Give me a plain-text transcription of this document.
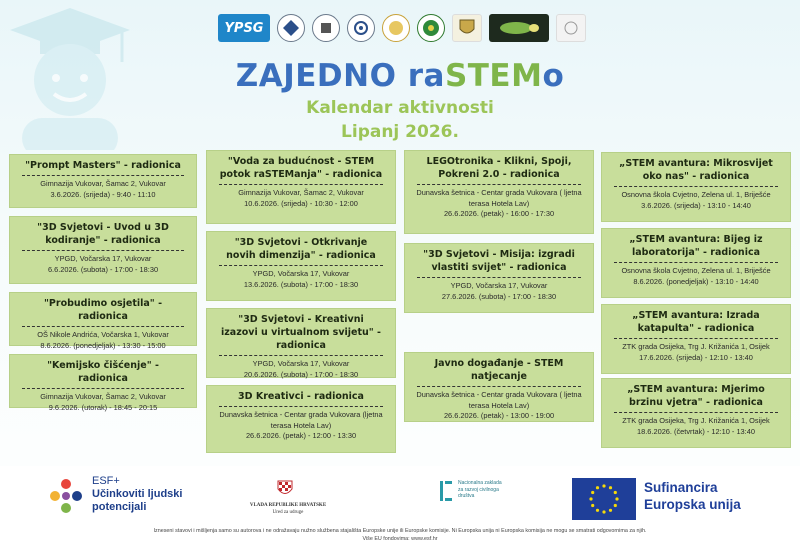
YPSG
ZAJEDNO raSTEMo
Kalendar aktivnosti
Lipanj 2026.
"Prompt Masters" - radionica
Gimnazija Vukovar, Šamac 2, Vukovar
3.6.2026. (srijeda) - 9:40 - 11:10
"3D Svjetovi - Uvod u 3D kodiranje" - radionica
YPGD, Vočarska 17, Vukovar
6.6.2026. (subota) - 17:00 - 18:30
"Probudimo osjetila" - radionica
OŠ Nikole Andrića, Vočarska 1, Vukovar
8.6.2026. (ponedjeljak) - 13:30 - 15:00
"Kemijsko čišćenje" - radionica
Gimnazija Vukovar, Šamac 2, Vukovar
9.6.2026. (utorak) - 18:45 - 20:15
"Voda za budućnost - STEM potok raSTEManja" - radionica
Gimnazija Vukovar, Šamac 2, Vukovar
10.6.2026. (srijeda) - 10:30 - 12:00
"3D Svjetovi - Otkrivanje novih dimenzija" - radionica
YPGD, Vočarska 17, Vukovar
13.6.2026. (subota) - 17:00 - 18:30
"3D Svjetovi - Kreativni izazovi u virtualnom svijetu" - radionica
YPGD, Vočarska 17, Vukovar
20.6.2026. (subota) - 17:00 - 18:30
3D Kreativci - radionica
Dunavska šetnica - Centar grada Vukovara (ljetna terasa Hotela Lav)
26.6.2026. (petak) - 12:00 - 13:30
LEGOtronika - Klikni, Spoji, Pokreni 2.0 - radionica
Dunavska šetnica - Centar grada Vukovara ( ljetna terasa Hotela Lav)
26.6.2026. (petak) - 16:00 - 17:30
"3D Svjetovi - Misija: izgradi vlastiti svijet" - radionica
YPGD, Vočarska 17, Vukovar
27.6.2026. (subota) - 17:00 - 18:30
Javno događanje - STEM natjecanje
Dunavska šetnica - Centar grada Vukovara ( ljetna terasa Hotela Lav)
26.6.2026. (petak) - 13:00 - 19:00
„STEM avantura: Mikrosvijet oko nas" - radionica
Osnovna škola Cvjetno, Zelena ul. 1, Briješće
3.6.2026. (srijeda) - 13:10 - 14:40
„STEM avantura: Bijeg iz laboratorija" - radionica
Osnovna škola Cvjetno, Zelena ul. 1, Briješće
8.6.2026. (ponedjeljak) - 13:10 - 14:40
„STEM avantura: Izrada katapulta" - radionica
ZTK grada Osijeka, Trg J. Križanića 1, Osijek
17.6.2026. (srijeda) - 12:10 - 13:40
„STEM avantura: Mjerimo brzinu vjetra" - radionica
ZTK grada Osijeka, Trg J. Križanića 1, Osijek
18.6.2026. (četvrtak) - 12:10 - 13:40
ESF+
Učinkoviti ljudski
potencijali	VLADA REPUBLIKE HRVATSKE
Ured za udruge
Nacionalna zaklada za razvoj civilnoga društva
Sufinancira
Europska unija
Izneseni stavovi i mišljenja samo su autorova i ne odražavaju nužno službena stajališta Europske unije ili Europske komisije. Ni Europska unija ni Europska komisija ne mogu se smatrati odgovornima za njih.
Više EU fondovima: www.esf.hr
